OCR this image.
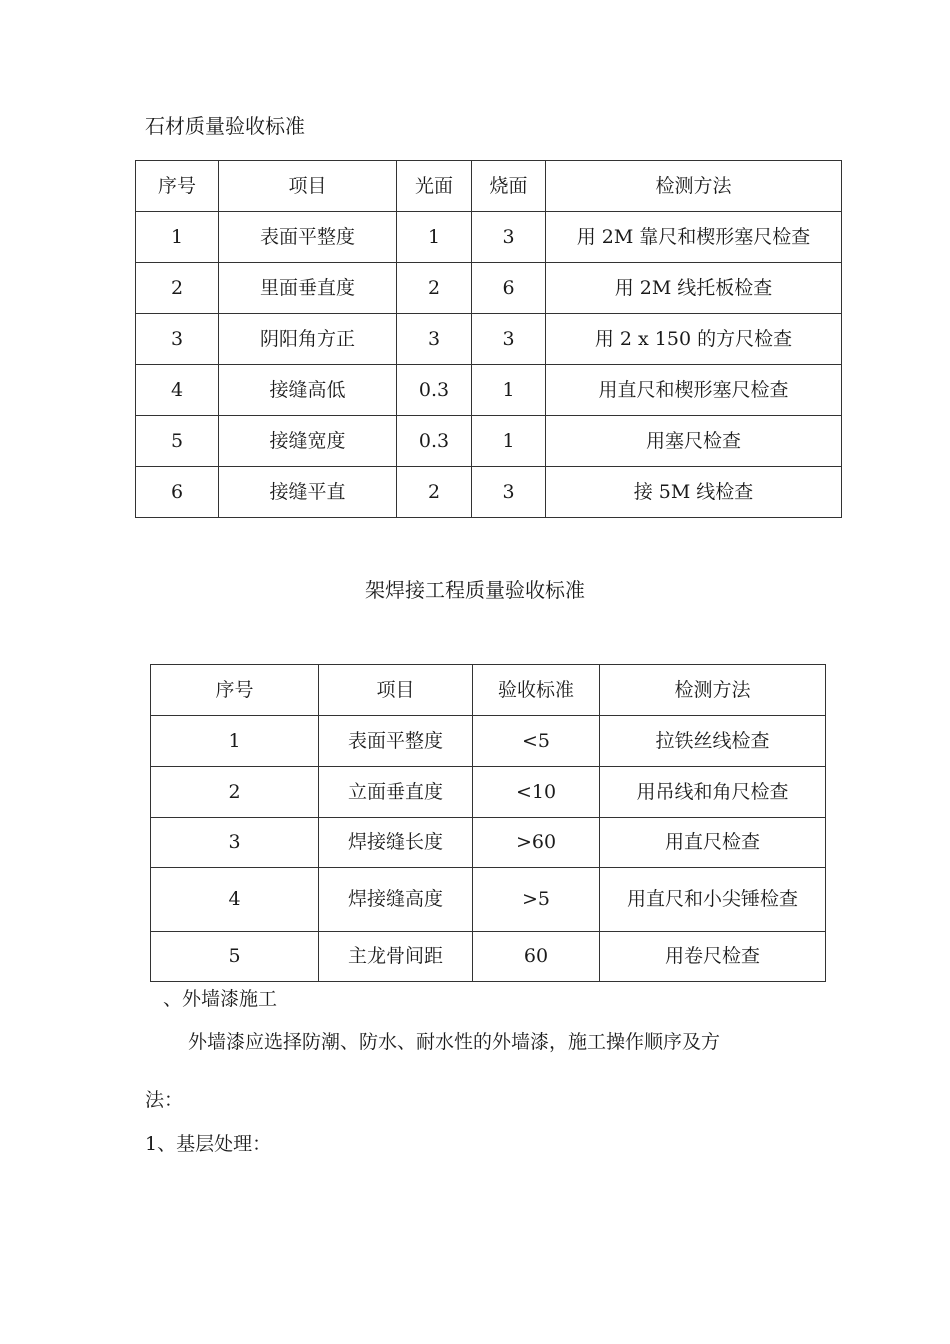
石材质量验收标准
序号	项目	光面	烧面	检测方法
1	表面平整度	1	3	用 2M 靠尺和楔形塞尺检查
2	里面垂直度	2	6	用 2M 线托板检查
3	阴阳角方正	3	3	用 2 x 150 的方尺检查
4	接缝高低	0.3	1	用直尺和楔形塞尺检查
5	接缝宽度	0.3	1	用塞尺检查
6	接缝平直	2	3	接 5M 线检查
架焊接工程质量验收标准
序号	项目	验收标准	检测方法
1	表面平整度	<5	拉铁丝线检查
2	立面垂直度	<10	用吊线和角尺检查
3	焊接缝长度	>60	用直尺检查
4	焊接缝高度	>5	用直尺和小尖锤检查
5	主龙骨间距	60	用卷尺检查
、外墙漆施工
外墙漆应选择防潮、防水、耐水性的外墙漆，施工操作顺序及方
法：
1、基层处理：
